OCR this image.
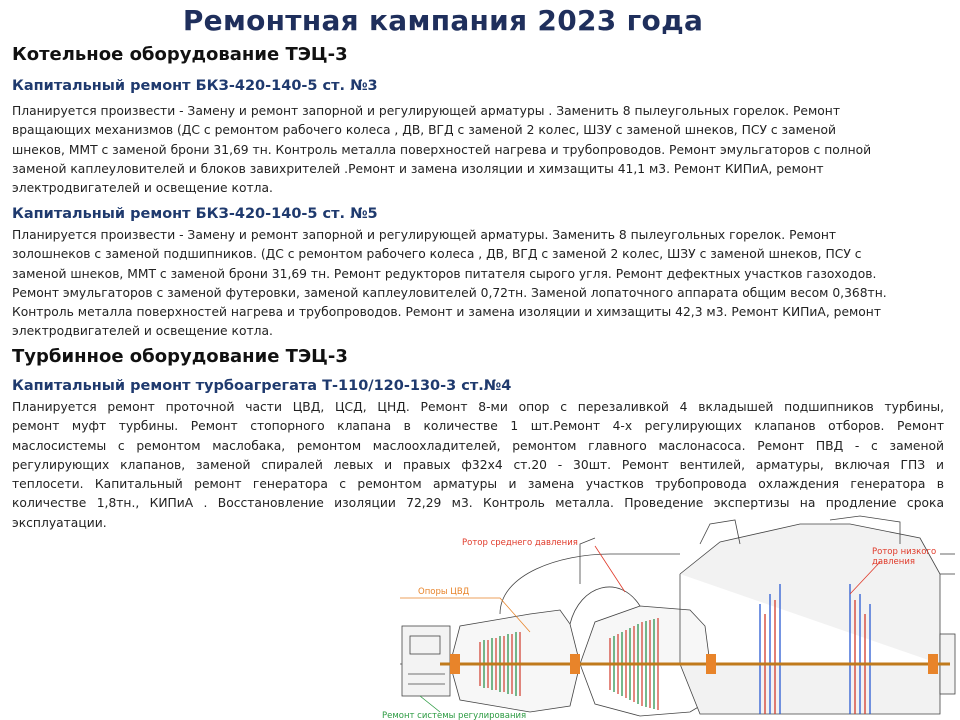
Ремонтная кампания 2023 года
Котельное оборудование ТЭЦ-3
Капитальный ремонт БКЗ-420-140-5 ст. №3
Планируется произвести - Замену и ремонт запорной и регулирующей арматуры . Заменить 8 пылеугольных горелок. Ремонт
вращающих механизмов (ДС с ремонтом рабочего колеса , ДВ, ВГД с заменой 2 колес, ШЗУ с заменой шнеков, ПСУ с заменой
шнеков, ММТ с заменой брони 31,69 тн. Контроль металла поверхностей нагрева и трубопроводов. Ремонт эмульгаторов с полной
заменой каплеуловителей и блоков завихрителей .Ремонт и замена изоляции и химзащиты 41,1 м3. Ремонт КИПиА, ремонт
электродвигателей и освещение котла.
Капитальный ремонт БКЗ-420-140-5 ст. №5
Планируется произвести - Замену и ремонт запорной и регулирующей арматуры. Заменить 8 пылеугольных горелок. Ремонт
золошнеков с заменой подшипников. (ДС с ремонтом рабочего колеса , ДВ, ВГД с заменой 2 колес, ШЗУ с заменой шнеков, ПСУ с
заменой шнеков, ММТ с заменой брони 31,69 тн. Ремонт редукторов питателя сырого угля. Ремонт дефектных участков газоходов.
Ремонт эмульгаторов с заменой футеровки, заменой каплеуловителей 0,72тн. Заменой лопаточного аппарата общим весом 0,368тн.
Контроль металла поверхностей нагрева и трубопроводов. Ремонт и замена изоляции и химзащиты 42,3 м3. Ремонт КИПиА, ремонт
электродвигателей и освещение котла.
Турбинное оборудование ТЭЦ-3
Капитальный ремонт турбоагрегата Т-110/120-130-3 ст.№4
Планируется ремонт проточной части ЦВД, ЦСД, ЦНД. Ремонт 8-ми опор с перезаливкой 4 вкладышей подшипников турбины,
ремонт муфт турбины. Ремонт стопорного клапана в количестве 1 шт.Ремонт 4-х регулирующих клапанов отборов. Ремонт
маслосистемы с ремонтом маслобака, ремонтом маслоохладителей, ремонтом главного маслонасоса. Ремонт ПВД - с заменой
регулирующих клапанов, заменой спиралей левых и правых ф32х4 ст.20 - 30шт. Ремонт вентилей, арматуры, включая ГПЗ и
теплосети. Капитальный ремонт генератора с ремонтом арматуры и замена участков трубопровода охлаждения генератора в
количестве 1,8тн., КИПиА . Восстановление изоляции 72,29 м3. Контроль металла. Проведение экспертизы на продление срока
эксплуатации.
Ротор среднего давления
Ротор низкого
давления
Опоры ЦВД
Ремонт системы регулирования
